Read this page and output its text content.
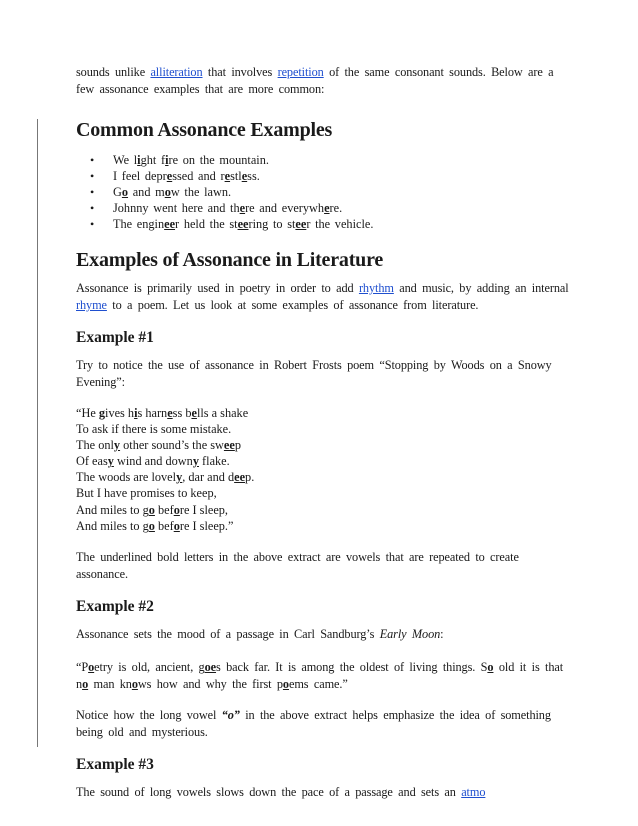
sounds unlike alliteration that involves repetition of the same consonant sounds. Below are a few assonance examples that are more common:

Common Assonance Examples
• We light fire on the mountain.
• I feel depressed and restless.
• Go and mow the lawn.
• Johnny went here and there and everywhere.
• The engineer held the steering to steer the vehicle.
Examples of Assonance in Literature

Assonance is primarily used in poetry in order to add rhythm and music, by adding an internal rhyme to a poem. Let us look at some examples of assonance from literature.

Example #1

Try to notice the use of assonance in Robert Frosts poem “Stopping by Woods on a Snowy Evening”:

“He gives his harness bells a shake

To ask if there is some mistake.

The only other sound’s the sweep

Of easy wind and downy flake.

The woods are lovely, dar and deep.

But I have promises to keep,

And miles to go before I sleep,

And miles to go before I sleep.”

The underlined bold letters in the above extract are vowels that are repeated to create assonance.

Example #2

Assonance sets the mood of a passage in Carl Sandburg’s Early Moon:

“Poetry is old, ancient, goes back far. It is among the oldest of living things. So old it is that no man knows how and why the first poems came.”

Notice how the long vowel “o” in the above extract helps emphasize the idea of something being old and mysterious.

Example #3

The sound of long vowels slows down the pace of a passage and sets an atmo
